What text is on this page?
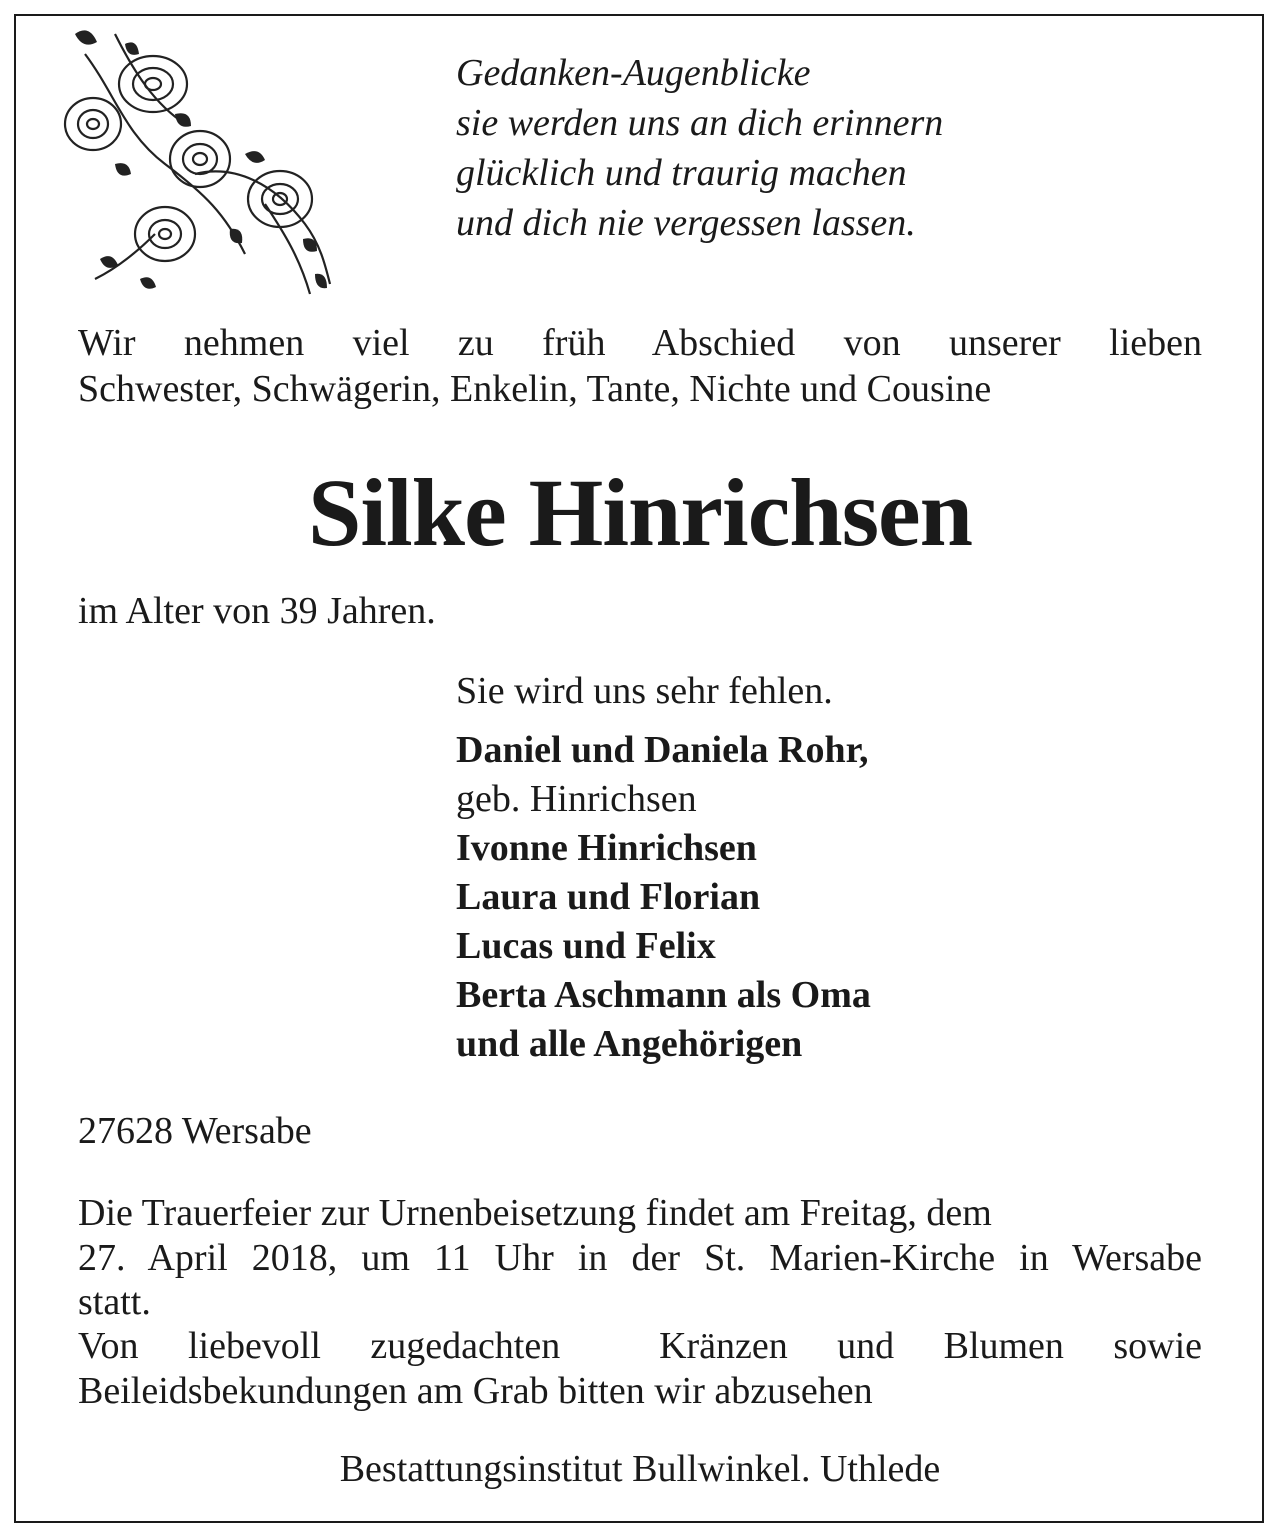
Gedanken-Augenblicke
sie werden uns an dich erinnern
glücklich und traurig machen
und dich nie vergessen lassen.
Wir nehmen viel zu früh Abschied von unserer lieben
Schwester, Schwägerin, Enkelin, Tante, Nichte und Cousine
Silke Hinrichsen
im Alter von 39 Jahren.
Sie wird uns sehr fehlen.
Daniel und Daniela Rohr,
geb. Hinrichsen
Ivonne Hinrichsen
Laura und Florian
Lucas und Felix
Berta Aschmann als Oma
und alle Angehörigen
27628 Wersabe
Die Trauerfeier zur Urnenbeisetzung findet am Freitag, dem
27. April 2018, um 11 Uhr in der St. Marien-Kirche in Wersabe
statt.
Von liebevoll zugedachten  Kränzen und Blumen sowie
Beileidsbekundungen am Grab bitten wir abzusehen
Bestattungsinstitut Bullwinkel. Uthlede
